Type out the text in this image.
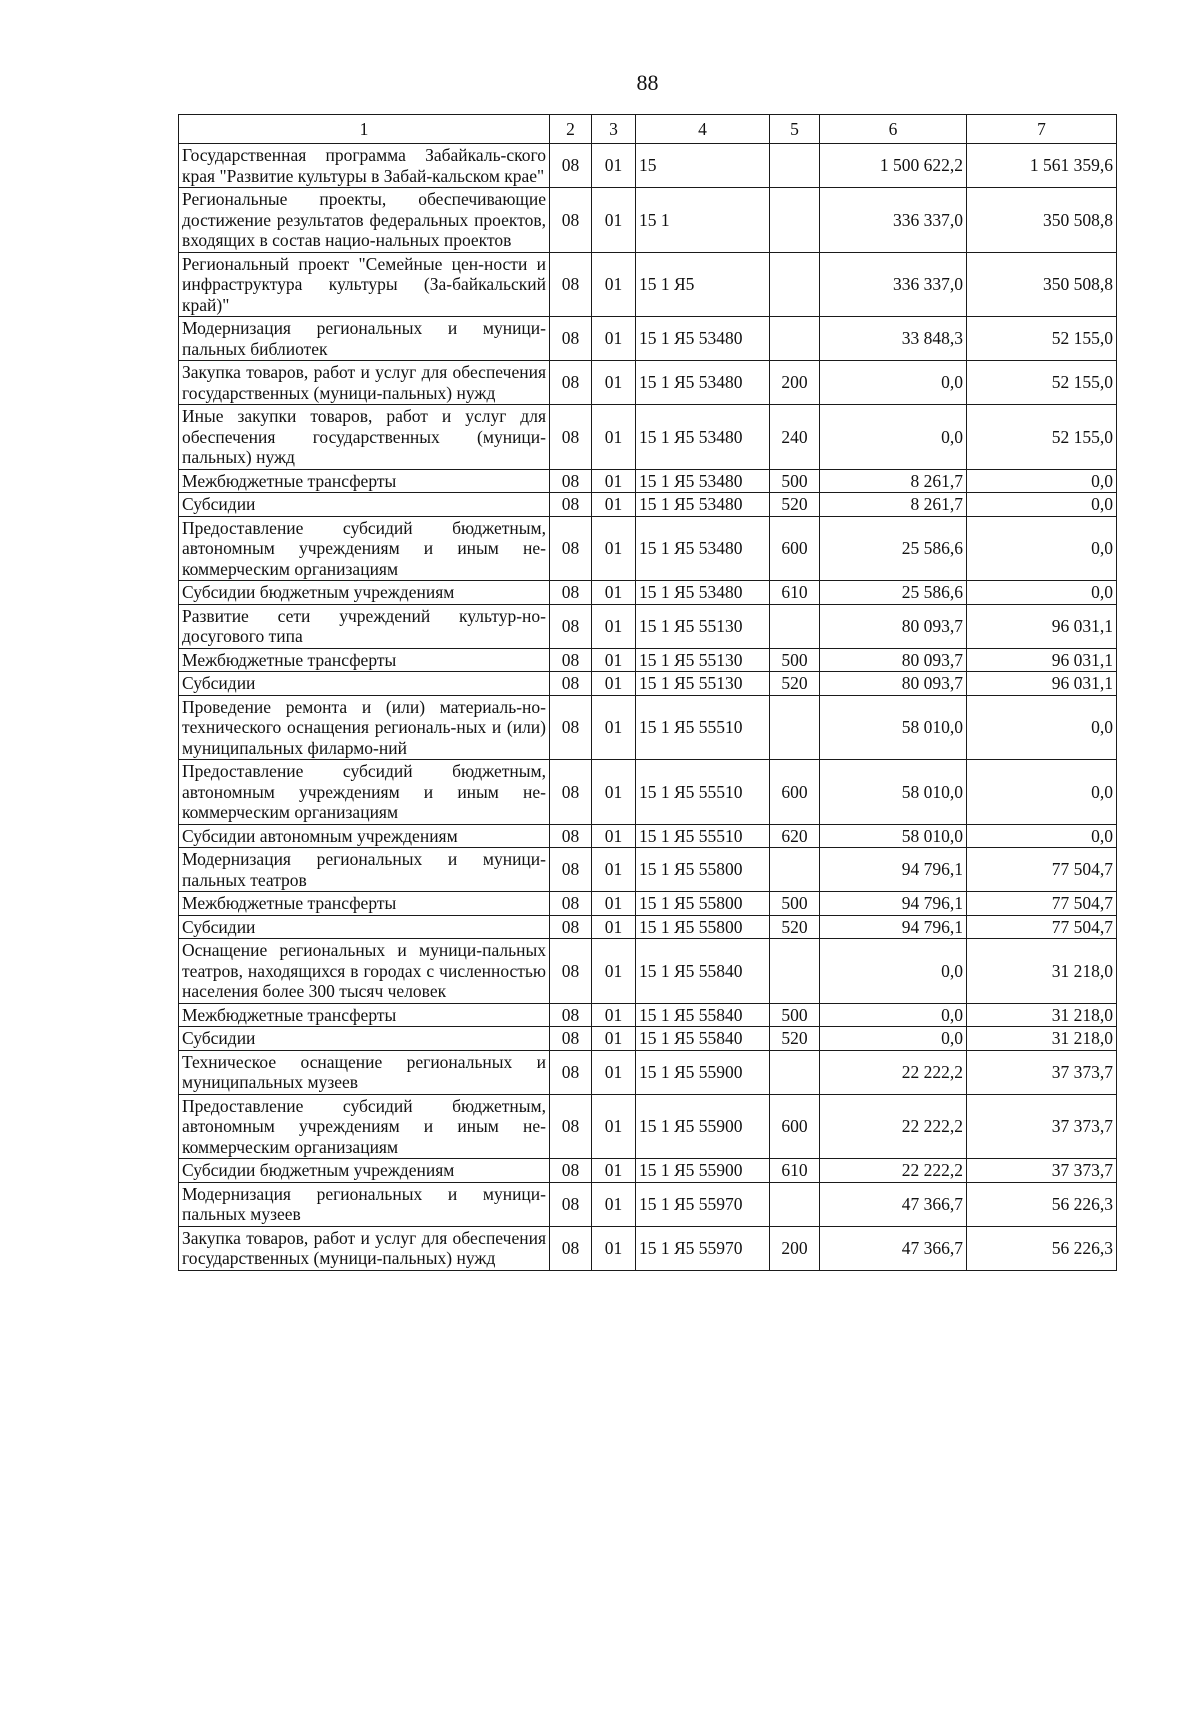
88
1	2	3	4	5	6	7
Государственная программа Забайкаль-ского края "Развитие культуры в Забай-кальском крае"	08	01	15		1 500 622,2	1 561 359,6
Региональные проекты, обеспечивающие достижение результатов федеральных проектов, входящих в состав нацио-нальных проектов	08	01	15 1		336 337,0	350 508,8
Региональный проект "Семейные цен-ности и инфраструктура культуры (За-байкальский край)"	08	01	15 1 Я5		336 337,0	350 508,8
Модернизация региональных и муници-пальных библиотек	08	01	15 1 Я5 53480		33 848,3	52 155,0
Закупка товаров, работ и услуг для обеспечения государственных (муници-пальных) нужд	08	01	15 1 Я5 53480	200	0,0	52 155,0
Иные закупки товаров, работ и услуг для обеспечения государственных (муници-пальных) нужд	08	01	15 1 Я5 53480	240	0,0	52 155,0
Межбюджетные трансферты	08	01	15 1 Я5 53480	500	8 261,7	0,0
Субсидии	08	01	15 1 Я5 53480	520	8 261,7	0,0
Предоставление субсидий бюджетным, автономным учреждениям и иным не-коммерческим организациям	08	01	15 1 Я5 53480	600	25 586,6	0,0
Субсидии бюджетным учреждениям	08	01	15 1 Я5 53480	610	25 586,6	0,0
Развитие сети учреждений культур-но-досугового типа	08	01	15 1 Я5 55130		80 093,7	96 031,1
Межбюджетные трансферты	08	01	15 1 Я5 55130	500	80 093,7	96 031,1
Субсидии	08	01	15 1 Я5 55130	520	80 093,7	96 031,1
Проведение ремонта и (или) материаль-но-технического оснащения региональ-ных и (или) муниципальных филармо-ний	08	01	15 1 Я5 55510		58 010,0	0,0
Предоставление субсидий бюджетным, автономным учреждениям и иным не-коммерческим организациям	08	01	15 1 Я5 55510	600	58 010,0	0,0
Субсидии автономным учреждениям	08	01	15 1 Я5 55510	620	58 010,0	0,0
Модернизация региональных и муници-пальных театров	08	01	15 1 Я5 55800		94 796,1	77 504,7
Межбюджетные трансферты	08	01	15 1 Я5 55800	500	94 796,1	77 504,7
Субсидии	08	01	15 1 Я5 55800	520	94 796,1	77 504,7
Оснащение региональных и муници-пальных театров, находящихся в городах с численностью населения более 300 тысяч человек	08	01	15 1 Я5 55840		0,0	31 218,0
Межбюджетные трансферты	08	01	15 1 Я5 55840	500	0,0	31 218,0
Субсидии	08	01	15 1 Я5 55840	520	0,0	31 218,0
Техническое оснащение региональных и муниципальных музеев	08	01	15 1 Я5 55900		22 222,2	37 373,7
Предоставление субсидий бюджетным, автономным учреждениям и иным не-коммерческим организациям	08	01	15 1 Я5 55900	600	22 222,2	37 373,7
Субсидии бюджетным учреждениям	08	01	15 1 Я5 55900	610	22 222,2	37 373,7
Модернизация региональных и муници-пальных музеев	08	01	15 1 Я5 55970		47 366,7	56 226,3
Закупка товаров, работ и услуг для обеспечения государственных (муници-пальных) нужд	08	01	15 1 Я5 55970	200	47 366,7	56 226,3
